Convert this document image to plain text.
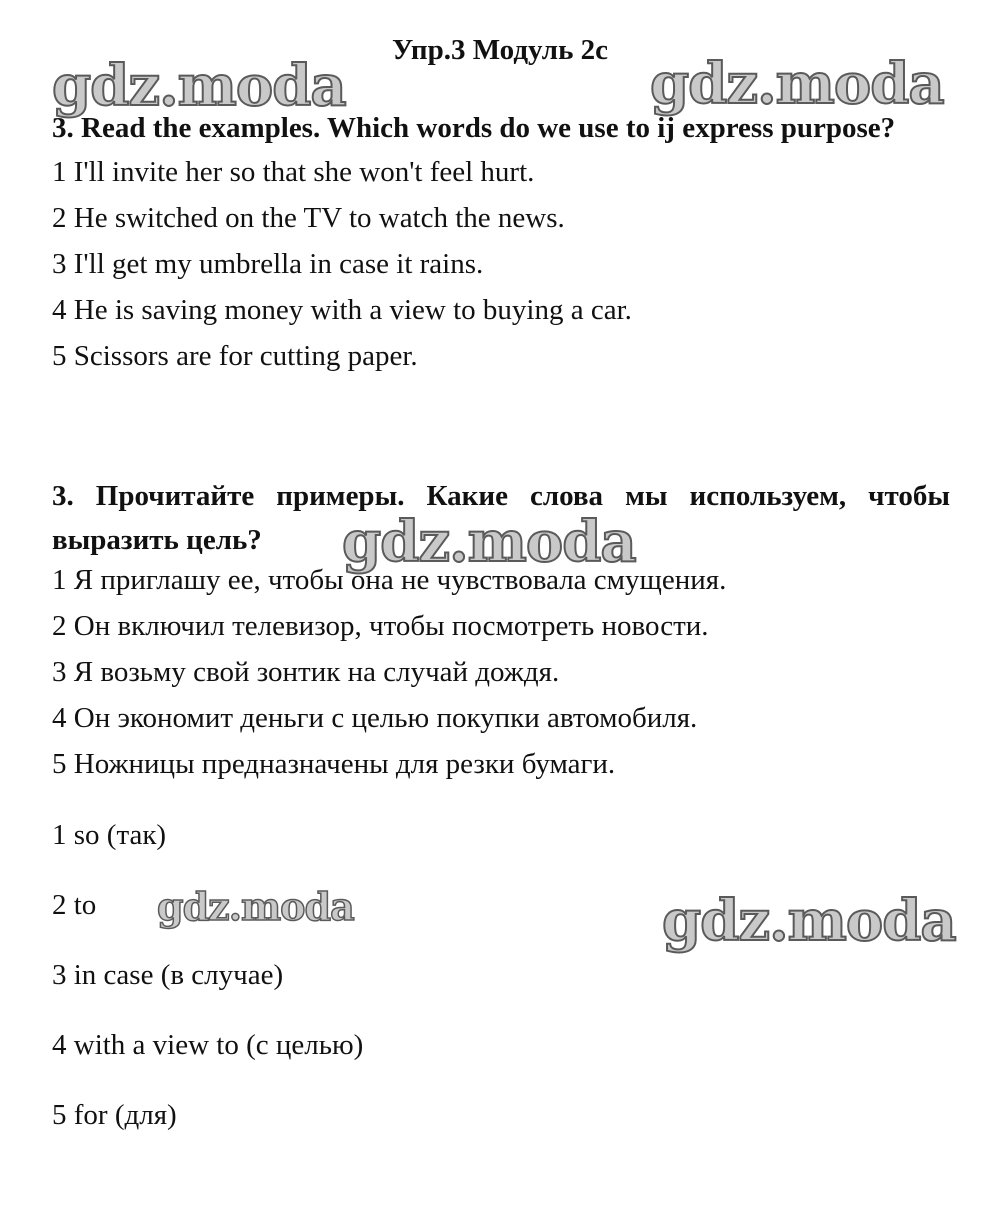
Упр.3 Модуль 2c
gdz.moda	gdz.moda
3. Read the examples. Which words do we use to ij express purpose?
1 I'll invite her so that she won't feel hurt.
2 He switched on the TV to watch the news.
3 I'll get my umbrella in case it rains.
4 He is saving money with a view to buying a car.
5 Scissors are for cutting paper.
3. Прочитайте примеры. Какие слова мы используем, чтобы выразить цель?	gdz.moda
1 Я приглашу ее, чтобы она не чувствовала смущения.
2 Он включил телевизор, чтобы посмотреть новости.
3 Я возьму свой зонтик на случай дождя.
4 Он экономит деньги с целью покупки автомобиля.
5 Ножницы предназначены для резки бумаги.
1 so (так)
2 to
3 in case (в случае)
4 with a view to (с целью)
5 for (для)
gdz.moda	gdz.moda
